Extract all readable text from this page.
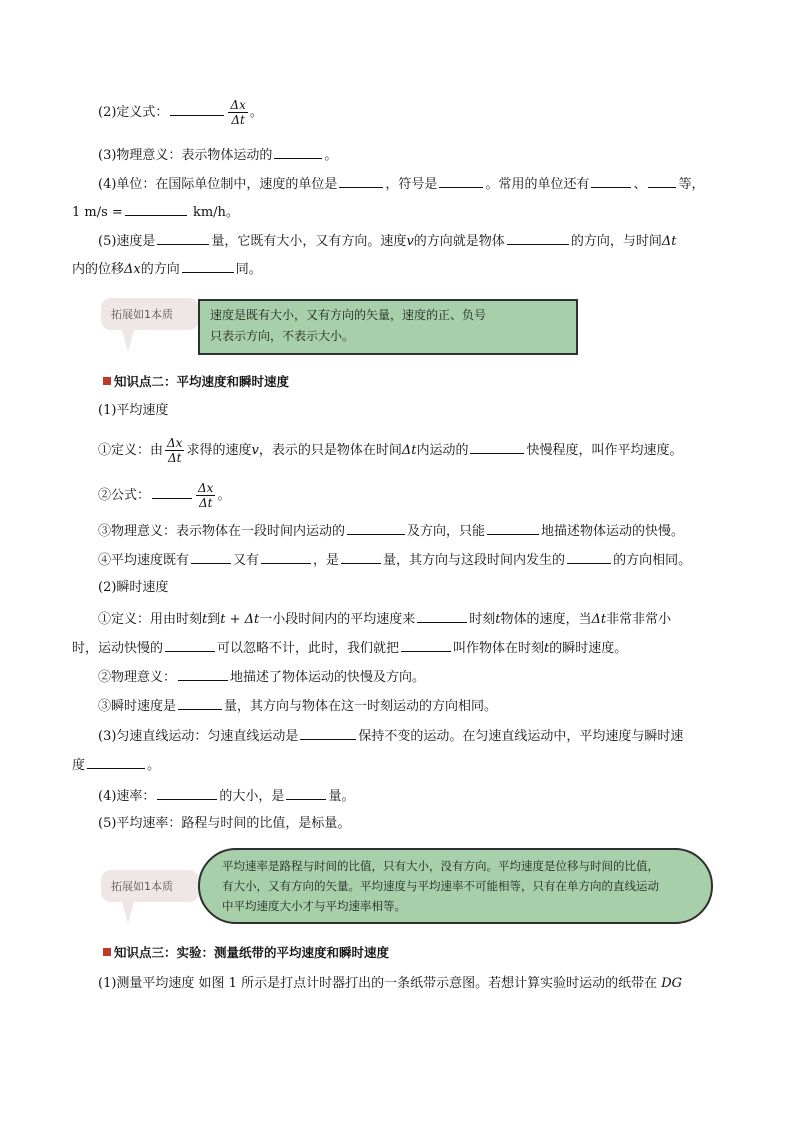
(2)定义式：	$\frac{\Delta x}{\Delta t}$ 。
(3)物理意义：表示物体运动的	。
(4)单位：在国际单位制中，速度的单位是	，符号是	。常用的单位还有	、 等，
1 m/s =	km/h。
(5)速度是	量，它既有大小，又有方向。速度v的方向就是物体	的方向，与时间Δt
内的位移Δx的方向	同。
拓展如1本质	速度是既有大小，又有方向的矢量，速度的正、负号
只表示方向，不表示大小。
知识点二：平均速度和瞬时速度
(1)平均速度
①定义：由 $\frac{\Delta x}{\Delta t}$ 求得的速度v，表示的只是物体在时间Δt内运动的	快慢程度，叫作平均速度。
②公式：	$\frac{\Delta x}{\Delta t}$ 。
③物理意义：表示物体在一段时间内运动的	及方向，只能	地描述物体运动的快慢。
④平均速度既有	又有	，是	量，其方向与这段时间内发生的	的方向相同。
(2)瞬时速度
①定义：用由时刻t到t + Δt一小段时间内的平均速度来	时刻t物体的速度，当Δt非常非常小
时，运动快慢的	可以忽略不计，此时，我们就把	叫作物体在时刻t的瞬时速度。
②物理意义：	地描述了物体运动的快慢及方向。
③瞬时速度是	量，其方向与物体在这一时刻运动的方向相同。
(3)匀速直线运动：匀速直线运动是	保持不变的运动。在匀速直线运动中，平均速度与瞬时速
度	。
(4)速率：	的大小，是	量。
(5)平均速率：路程与时间的比值，是标量。
拓展如1本质
平均速率是路程与时间的比值，只有大小，没有方向。平均速度是位移与时间的比值，
有大小，又有方向的矢量。平均速度与平均速率不可能相等，只有在单方向的直线运动
中平均速度大小才与平均速率相等。
知识点三：实验：测量纸带的平均速度和瞬时速度
(1)测量平均速度 如图 1 所示是打点计时器打出的一条纸带示意图。若想计算实验时运动的纸带在 DG
